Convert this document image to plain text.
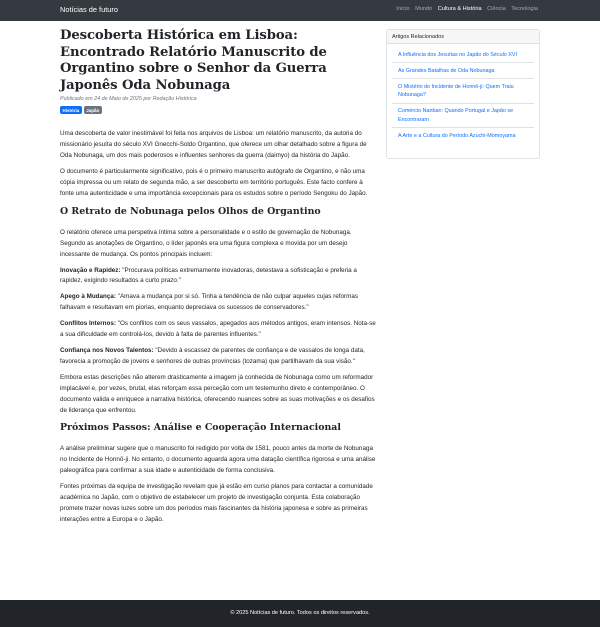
Notícias de futuro	Início Mundo Cultura & História Ciência Tecnologia
Descoberta Histórica em Lisboa: Encontrado Relatório Manuscrito de Organtino sobre o Senhor da Guerra Japonês Oda Nobunaga
Publicado em 24 de Maio de 2025 por Redação Histórica
História	Japão

Uma descoberta de valor inestimável foi feita nos arquivos de Lisboa: um relatório manuscrito, da autoria do missionário jesuíta do século XVI Gnecchi-Soldo Organtino, que oferece um olhar detalhado sobre a figura de Oda Nobunaga, um dos mais poderosos e influentes senhores da guerra (daimyo) da história do Japão.

O documento é particularmente significativo, pois é o primeiro manuscrito autógrafo de Organtino, e não uma cópia impressa ou um relato de segunda mão, a ser descoberto em território português. Este facto confere à fonte uma autenticidade e uma importância excepcionais para os estudos sobre o período Sengoku do Japão.

O Retrato de Nobunaga pelos Olhos de Organtino

O relatório oferece uma perspetiva íntima sobre a personalidade e o estilo de governação de Nobunaga. Segundo as anotações de Organtino, o líder japonês era uma figura complexa e movida por um desejo incessante de mudança. Os pontos principais incluem:

Inovação e Rapidez: "Procurava políticas extremamente inovadoras, detestava a sofisticação e preferia a rapidez, exigindo resultados a curto prazo."

Apego à Mudança: "Amava a mudança por si só. Tinha a tendência de não culpar aqueles cujas reformas falhavam e resultavam em piorias, enquanto depreciava os sucessos de conservadores."

Conflitos Internos: "Os conflitos com os seus vassalos, apegados aos métodos antigos, eram intensos. Nota-se a sua dificuldade em controlá-los, devido à falta de parentes influentes."

Confiança nos Novos Talentos: "Devido à escassez de parentes de confiança e de vassalos de longa data, favorecia a promoção de jovens e senhores de outras províncias (tozama) que partilhavam da sua visão."

Embora estas descrições não alterem drasticamente a imagem já conhecida de Nobunaga como um reformador implacável e, por vezes, brutal, elas reforçam essa perceção com um testemunho direto e contemporâneo. O documento valida e enriquece a narrativa histórica, oferecendo nuances sobre as suas motivações e os desafios de liderança que enfrentou.

Próximos Passos: Análise e Cooperação Internacional

A análise preliminar sugere que o manuscrito foi redigido por volta de 1581, pouco antes da morte de Nobunaga no Incidente de Honnō-ji. No entanto, o documento aguarda agora uma datação científica rigorosa e uma análise paleográfica para confirmar a sua idade e autenticidade de forma conclusiva.

Fontes próximas da equipa de investigação revelam que já estão em curso planos para contactar a comunidade académica no Japão, com o objetivo de estabelecer um projeto de investigação conjunta. Esta colaboração promete trazer novas luzes sobre um dos períodos mais fascinantes da história japonesa e sobre as primeiras interações entre a Europa e o Japão.

Artigos Relacionados
A Influência dos Jesuítas no Japão do Século XVI
As Grandes Batalhas de Oda Nobunaga
O Mistério do Incidente de Honnō-ji: Quem Traiu Nobunaga?
Comércio Nanban: Quando Portugal e Japão se Encontraram
A Arte e a Cultura do Período Azuchi-Momoyama
© 2025 Notícias de futuro. Todos os direitos reservados.
